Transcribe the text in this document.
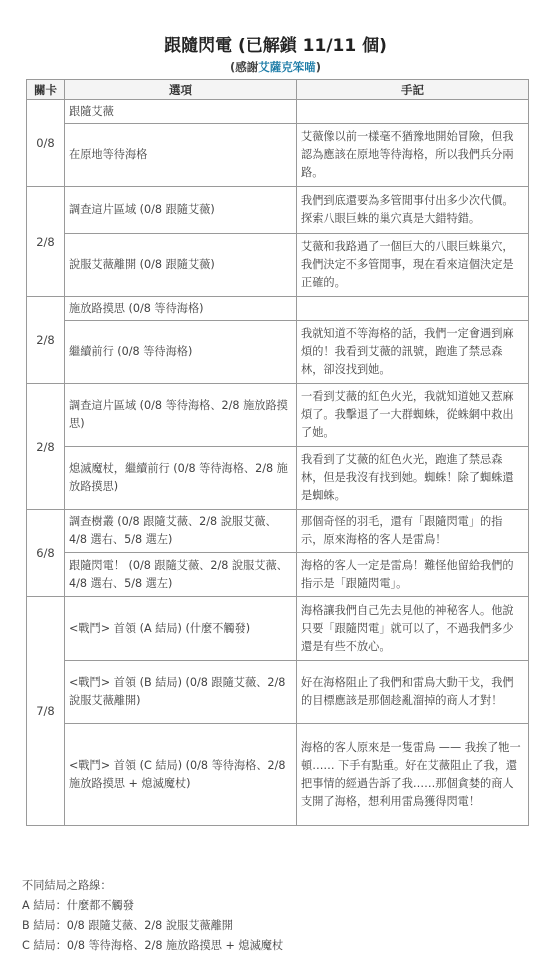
跟隨閃電 (已解鎖 11/11 個)
(感謝艾薩克笨喵)
關卡	選項	手記
0/8	跟隨艾薇	
	在原地等待海格	艾薇像以前一樣毫不猶豫地開始冒險，但我認為應該在原地等待海格，所以我們兵分兩路。
2/8	調查這片區域 (0/8 跟隨艾薇)	我們到底還要為多管閒事付出多少次代價。探索八眼巨蛛的巢穴真是大錯特錯。
	說服艾薇離開 (0/8 跟隨艾薇)	艾薇和我路過了一個巨大的八眼巨蛛巢穴，我們決定不多管閒事，現在看來這個決定是正確的。
2/8	施放路摸思 (0/8 等待海格)	
	繼續前行 (0/8 等待海格)	我就知道不等海格的話，我們一定會遇到麻煩的！我看到艾薇的訊號，跑進了禁忌森林，卻沒找到她。
2/8	調查這片區域 (0/8 等待海格、2/8 施放路摸思)	一看到艾薇的紅色火光，我就知道她又惹麻煩了。我擊退了一大群蜘蛛，從蛛網中救出了她。
	熄滅魔杖，繼續前行 (0/8 等待海格、2/8 施放路摸思)	我看到了艾薇的紅色火光，跑進了禁忌森林，但是我沒有找到她。蜘蛛！除了蜘蛛還是蜘蛛。
6/8	調查樹叢 (0/8 跟隨艾薇、2/8 說服艾薇、4/8 選右、5/8 選左)	那個奇怪的羽毛，還有「跟隨閃電」的指示，原來海格的客人是雷鳥！
	跟隨閃電！ (0/8 跟隨艾薇、2/8 說服艾薇、4/8 選右、5/8 選左)	海格的客人一定是雷鳥！難怪他留給我們的指示是「跟隨閃電」。
7/8	<戰鬥> 首領 (A 結局) (什麼不觸發)	海格讓我們自己先去見他的神秘客人。他說只要「跟隨閃電」就可以了，不過我們多少還是有些不放心。
	<戰鬥> 首領 (B 結局) (0/8 跟隨艾薇、2/8 說服艾薇離開)	好在海格阻止了我們和雷鳥大動干戈，我們的目標應該是那個趁亂溜掉的商人才對！
	<戰鬥> 首領 (C 結局) (0/8 等待海格、2/8 施放路摸思 + 熄滅魔杖)	海格的客人原來是一隻雷鳥 —— 我挨了牠一頓…… 下手有點重。好在艾薇阻止了我，還把事情的經過告訴了我……那個貪婪的商人支開了海格，想利用雷鳥獲得閃電！
不同結局之路線：
A 結局：什麼都不觸發
B 結局：0/8 跟隨艾薇、2/8 說服艾薇離開
C 結局：0/8 等待海格、2/8 施放路摸思 + 熄滅魔杖
